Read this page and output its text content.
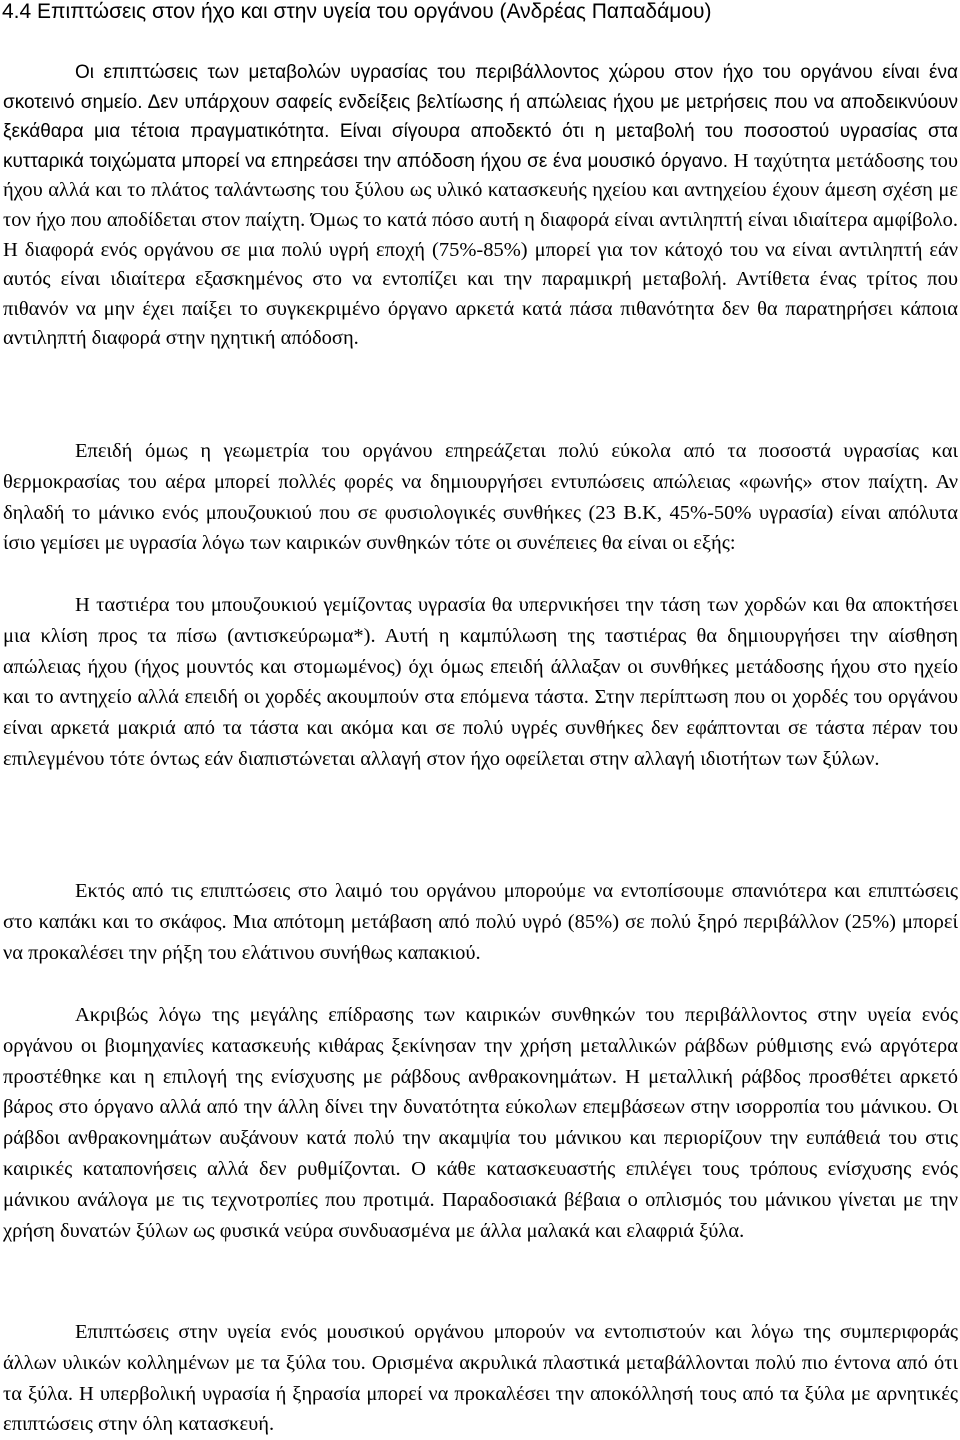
4.4 Επιπτώσεις στον ήχο και στην υγεία του οργάνου (Ανδρέας Παπαδάμου)
Οι επιπτώσεις των μεταβολών υγρασίας του περιβάλλοντος χώρου στον ήχο του οργάνου είναι ένα σκοτεινό σημείο. Δεν υπάρχουν σαφείς ενδείξεις βελτίωσης ή απώλειας ήχου με μετρήσεις που να αποδεικνύουν ξεκάθαρα μια τέτοια πραγματικότητα. Είναι σίγουρα αποδεκτό ότι η μεταβολή του ποσοστού υγρασίας στα κυτταρικά τοιχώματα μπορεί να επηρεάσει την απόδοση ήχου σε ένα μουσικό όργανο. Η ταχύτητα μετάδοσης του ήχου αλλά και το πλάτος ταλάντωσης του ξύλου ως υλικό κατασκευής ηχείου και αντηχείου έχουν άμεση σχέση με τον ήχο που αποδίδεται στον παίχτη. Όμως το κατά πόσο αυτή η διαφορά είναι αντιληπτή είναι ιδιαίτερα αμφίβολο. Η διαφορά ενός οργάνου σε μια πολύ υγρή εποχή (75%-85%) μπορεί για τον κάτοχό του να είναι αντιληπτή εάν αυτός είναι ιδιαίτερα εξασκημένος στο να εντοπίζει και την παραμικρή μεταβολή. Αντίθετα ένας τρίτος που πιθανόν να μην έχει παίξει το συγκεκριμένο όργανο αρκετά κατά πάσα πιθανότητα δεν θα παρατηρήσει κάποια αντιληπτή διαφορά στην ηχητική απόδοση.
Επειδή όμως η γεωμετρία του οργάνου επηρεάζεται πολύ εύκολα από τα ποσοστά υγρασίας και θερμοκρασίας του αέρα μπορεί πολλές φορές να δημιουργήσει εντυπώσεις απώλειας «φωνής» στον παίχτη. Αν δηλαδή το μάνικο ενός μπουζουκιού που σε φυσιολογικές συνθήκες (23 Β.Κ, 45%-50% υγρασία) είναι απόλυτα ίσιο γεμίσει με υγρασία λόγω των καιρικών συνθηκών τότε οι συνέπειες θα είναι οι εξής:
Η ταστιέρα του μπουζουκιού γεμίζοντας υγρασία θα υπερνικήσει την τάση των χορδών και θα αποκτήσει μια κλίση προς τα πίσω (αντισκεύρωμα*). Αυτή η καμπύλωση της ταστιέρας θα δημιουργήσει την αίσθηση απώλειας ήχου (ήχος μουντός και στομωμένος) όχι όμως επειδή άλλαξαν οι συνθήκες μετάδοσης ήχου στο ηχείο και το αντηχείο αλλά επειδή οι χορδές ακουμπούν στα επόμενα τάστα. Στην περίπτωση που οι χορδές του οργάνου είναι αρκετά μακριά από τα τάστα και ακόμα και σε πολύ υγρές συνθήκες δεν εφάπτονται σε τάστα πέραν του επιλεγμένου τότε όντως εάν διαπιστώνεται αλλαγή στον ήχο οφείλεται στην αλλαγή ιδιοτήτων των ξύλων.
Εκτός από τις επιπτώσεις στο λαιμό του οργάνου μπορούμε να εντοπίσουμε σπανιότερα και επιπτώσεις στο καπάκι και το σκάφος. Μια απότομη μετάβαση από πολύ υγρό (85%) σε πολύ ξηρό περιβάλλον (25%) μπορεί να προκαλέσει την ρήξη του ελάτινου συνήθως καπακιού.
Ακριβώς λόγω της μεγάλης επίδρασης των καιρικών συνθηκών του περιβάλλοντος στην υγεία ενός οργάνου οι βιομηχανίες κατασκευής κιθάρας ξεκίνησαν την χρήση μεταλλικών ράβδων ρύθμισης ενώ αργότερα προστέθηκε και η επιλογή της ενίσχυσης με ράβδους ανθρακονημάτων. Η μεταλλική ράβδος προσθέτει αρκετό βάρος στο όργανο αλλά από την άλλη δίνει την δυνατότητα εύκολων επεμβάσεων στην ισορροπία του μάνικου. Οι ράβδοι ανθρακονημάτων αυξάνουν κατά πολύ την ακαμψία του μάνικου και περιορίζουν την ευπάθειά του στις καιρικές καταπονήσεις αλλά δεν ρυθμίζονται. Ο κάθε κατασκευαστής επιλέγει τους τρόπους ενίσχυσης ενός μάνικου ανάλογα με τις τεχνοτροπίες που προτιμά. Παραδοσιακά βέβαια ο οπλισμός του μάνικου γίνεται με την χρήση δυνατών ξύλων ως φυσικά νεύρα συνδυασμένα με άλλα μαλακά και ελαφριά ξύλα.
Επιπτώσεις στην υγεία ενός μουσικού οργάνου μπορούν να εντοπιστούν και λόγω της συμπεριφοράς άλλων υλικών κολλημένων με τα ξύλα του. Ορισμένα ακρυλικά πλαστικά μεταβάλλονται πολύ πιο έντονα από ότι τα ξύλα. Η υπερβολική υγρασία ή ξηρασία μπορεί να προκαλέσει την αποκόλλησή τους από τα ξύλα με αρνητικές επιπτώσεις στην όλη κατασκευή.
